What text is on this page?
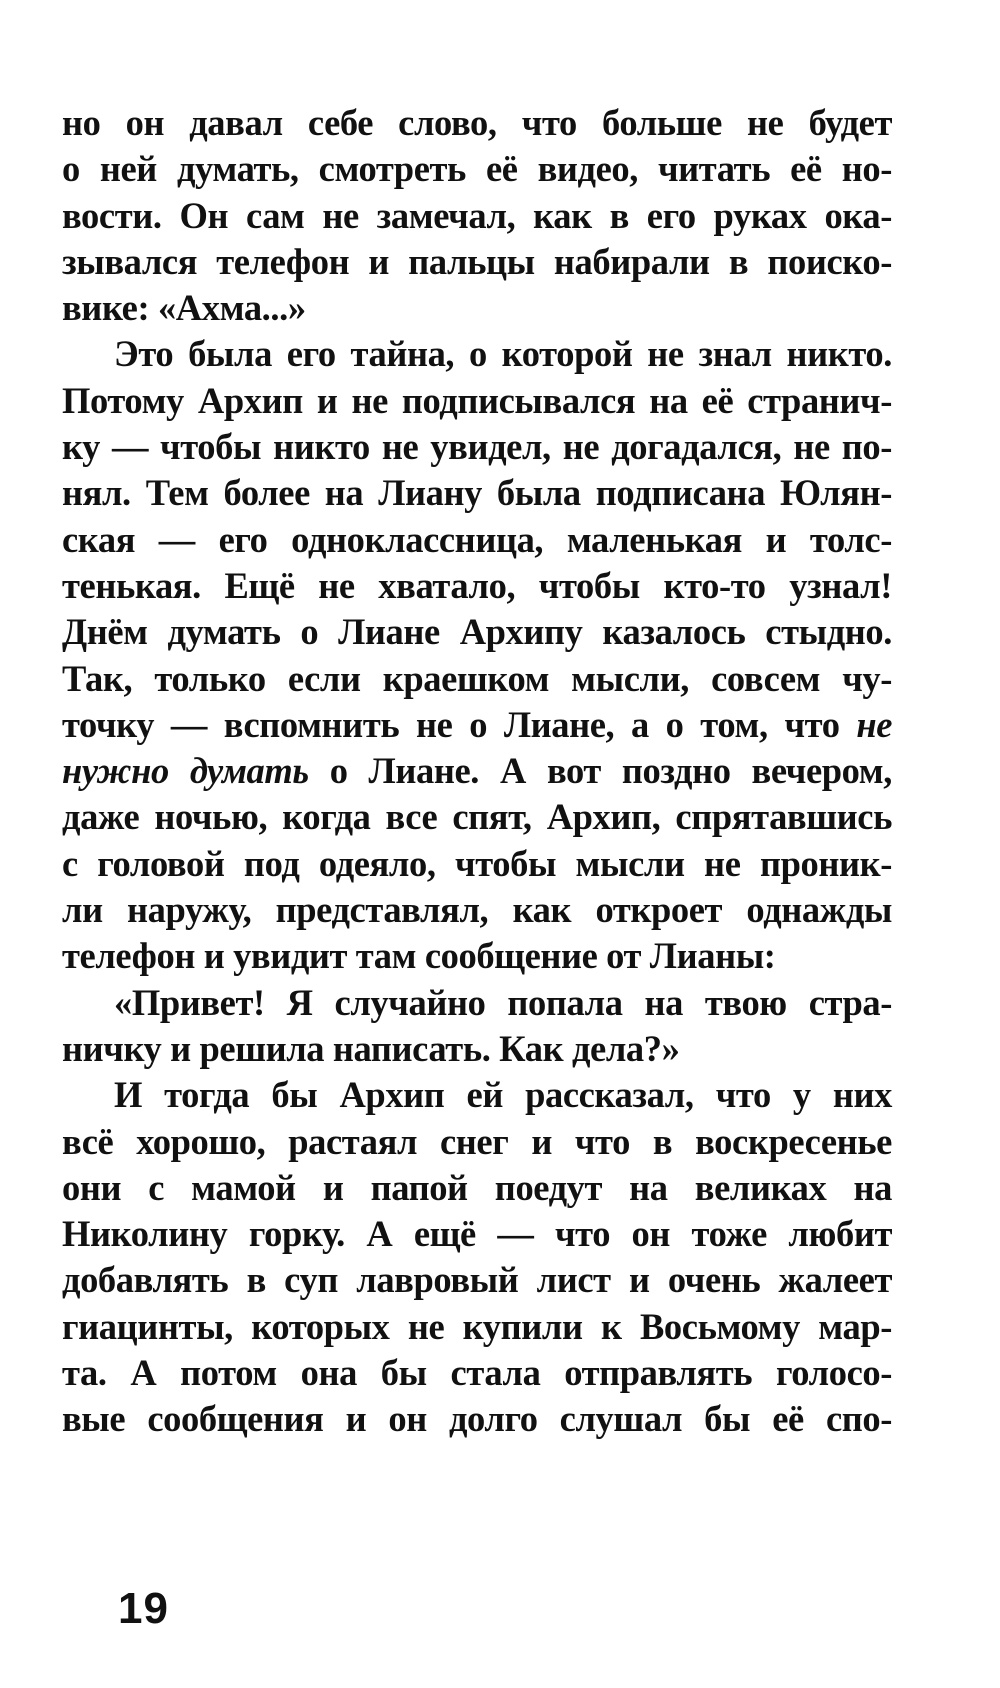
но он давал себе слово, что больше не будет
о ней думать, смотреть её видео, читать её но-
вости. Он сам не замечал, как в его руках ока-
зывался телефон и пальцы набирали в поиско-
вике: «Ахма...»
Это была его тайна, о которой не знал никто.
Потому Архип и не подписывался на её странич-
ку — чтобы никто не увидел, не догадался, не по-
нял. Тем более на Лиану была подписана Юлян-
ская — его одноклассница, маленькая и толс-
тенькая. Ещё не хватало, чтобы кто-то узнал!
Днём думать о Лиане Архипу казалось стыдно.
Так, только если краешком мысли, совсем чу-
точку — вспомнить не о Лиане, а о том, что не
нужно думать о Лиане. А вот поздно вечером,
даже ночью, когда все спят, Архип, спрятавшись
с головой под одеяло, чтобы мысли не проник-
ли наружу, представлял, как откроет однажды
телефон и увидит там сообщение от Лианы:
«Привет! Я случайно попала на твою стра-
ничку и решила написать. Как дела?»
И тогда бы Архип ей рассказал, что у них
всё хорошо, растаял снег и что в воскресенье
они с мамой и папой поедут на великах на
Николину горку. А ещё — что он тоже любит
добавлять в суп лавровый лист и очень жалеет
гиацинты, которых не купили к Восьмому мар-
та. А потом она бы стала отправлять голосо-
вые сообщения и он долго слушал бы её спо-
19
